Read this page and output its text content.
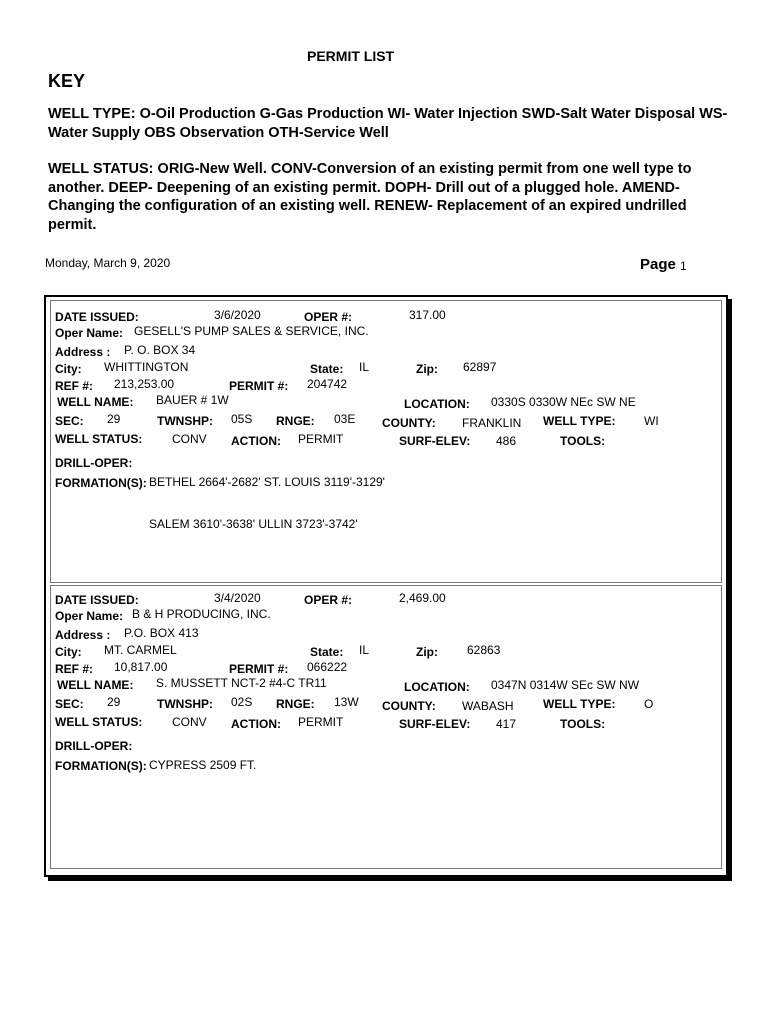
PERMIT LIST
KEY
WELL TYPE: O-Oil Production G-Gas Production WI- Water Injection SWD-Salt Water Disposal WS-Water Supply OBS Observation OTH-Service Well
WELL STATUS: ORIG-New Well. CONV-Conversion of an existing permit from one well type to another. DEEP- Deepening of an existing permit. DOPH- Drill out of a plugged hole. AMEND-Changing the configuration of an existing well. RENEW- Replacement of an expired undrilled permit.
Monday, March 9, 2020	Page 1
DATE ISSUED:	3/6/2020	OPER #:	317.00
Oper Name: GESELL'S PUMP SALES & SERVICE, INC.
Address : P. O. BOX 34
City: WHITTINGTON	State: IL	Zip: 62897
REF #: 213,253.00	PERMIT #: 204742
WELL NAME: BAUER # 1W	LOCATION: 0330S 0330W NEc SW NE
SEC: 29	TWNSHP: 05S RNGE: 03E COUNTY: FRANKLIN WELL TYPE: WI
WELL STATUS: CONV ACTION: PERMIT	SURF-ELEV: 486	TOOLS:
DRILL-OPER:
FORMATION(S): BETHEL 2664'-2682' ST. LOUIS 3119'-3129'
SALEM 3610'-3638' ULLIN 3723'-3742'
DATE ISSUED:	3/4/2020	OPER #:	2,469.00
Oper Name: B & H PRODUCING, INC.
Address : P.O. BOX 413
City: MT. CARMEL	State: IL	Zip: 62863
REF #: 10,817.00	PERMIT #: 066222
WELL NAME: S. MUSSETT NCT-2 #4-C TR11	LOCATION: 0347N 0314W SEc SW NW
SEC: 29	TWNSHP: 02S RNGE: 13W COUNTY: WABASH WELL TYPE: O
WELL STATUS: CONV ACTION: PERMIT	SURF-ELEV: 417	TOOLS:
DRILL-OPER:
FORMATION(S): CYPRESS 2509 FT.
